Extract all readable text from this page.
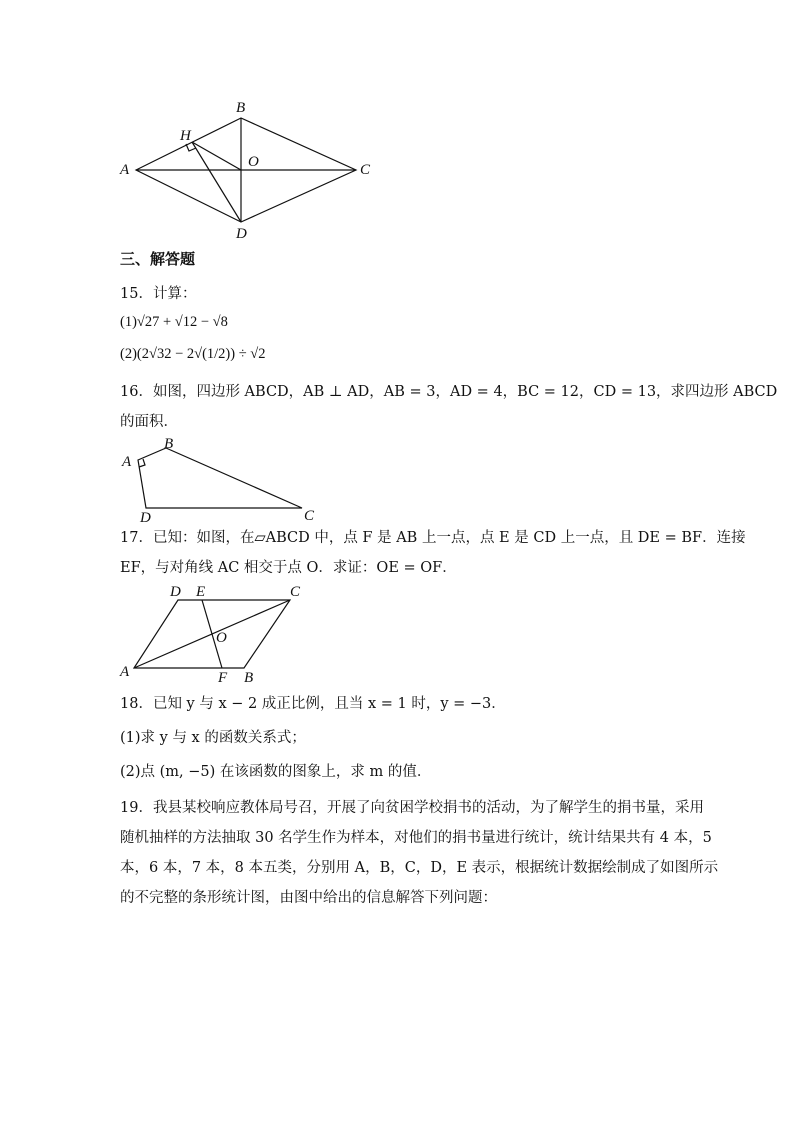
A
B
C
D
O
H
三、解答题
15．计算：
(1)√27 + √12 − √8
(2)(2√32 − 2√(1/2)) ÷ √2
16．如图，四边形 ABCD，AB ⊥ AD，AB = 3，AD = 4，BC = 12，CD = 13，求四边形 ABCD
的面积．
A
B
C
D
17．已知：如图，在▱ABCD 中，点 F 是 AB 上一点，点 E 是 CD 上一点，且 DE = BF．连接
EF，与对角线 AC 相交于点 O．求证：OE = OF．
A	B
C
D E
F
O
18．已知 y 与 x − 2 成正比例，且当 x = 1 时，y = −3．
(1)求 y 与 x 的函数关系式；
(2)点 (m, −5) 在该函数的图象上，求 m 的值．
19．我县某校响应教体局号召，开展了向贫困学校捐书的活动，为了解学生的捐书量，采用
随机抽样的方法抽取 30 名学生作为样本，对他们的捐书量进行统计，统计结果共有 4 本，5
本，6 本，7 本，8 本五类，分别用 A，B，C，D，E 表示，根据统计数据绘制成了如图所示
的不完整的条形统计图，由图中给出的信息解答下列问题：
